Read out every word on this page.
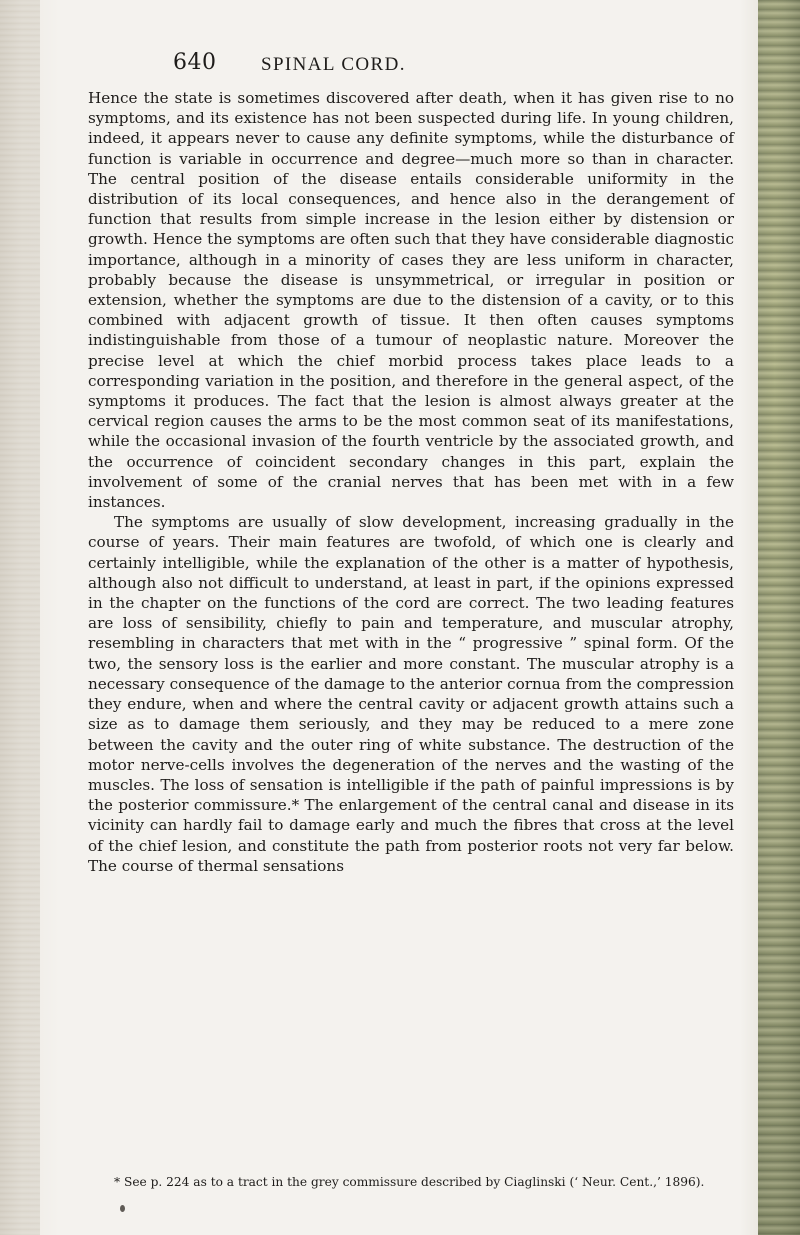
640 SPINAL CORD.

Hence the state is sometimes discovered after death, when it has given rise to no symptoms, and its existence has not been suspected during life. In young children, indeed, it appears never to cause any definite symptoms, while the disturbance of function is variable in occurrence and degree—much more so than in character. The central position of the disease entails considerable uniformity in the distribution of its local consequences, and hence also in the derangement of function that results from simple increase in the lesion either by distension or growth. Hence the symptoms are often such that they have considerable diagnostic importance, although in a minority of cases they are less uniform in character, probably because the disease is unsymmetrical, or irregular in position or extension, whether the symptoms are due to the distension of a cavity, or to this combined with adjacent growth of tissue. It then often causes symptoms indistinguishable from those of a tumour of neoplastic nature. Moreover the precise level at which the chief morbid process takes place leads to a corresponding variation in the position, and therefore in the general aspect, of the symptoms it produces. The fact that the lesion is almost always greater at the cervical region causes the arms to be the most common seat of its manifestations, while the occasional invasion of the fourth ventricle by the associated growth, and the occurrence of coincident secondary changes in this part, explain the involvement of some of the cranial nerves that has been met with in a few instances.

The symptoms are usually of slow development, increasing gradually in the course of years. Their main features are twofold, of which one is clearly and certainly intelligible, while the explanation of the other is a matter of hypothesis, although also not difficult to understand, at least in part, if the opinions expressed in the chapter on the functions of the cord are correct. The two leading features are loss of sensibility, chiefly to pain and temperature, and muscular atrophy, resembling in characters that met with in the “ progressive ” spinal form. Of the two, the sensory loss is the earlier and more constant. The muscular atrophy is a necessary consequence of the damage to the anterior cornua from the compression they endure, when and where the central cavity or adjacent growth attains such a size as to damage them seriously, and they may be reduced to a mere zone between the cavity and the outer ring of white substance. The destruction of the motor nerve-cells involves the degeneration of the nerves and the wasting of the muscles. The loss of sensation is intelligible if the path of painful impressions is by the posterior commissure.* The enlargement of the central canal and disease in its vicinity can hardly fail to damage early and much the fibres that cross at the level of the chief lesion, and constitute the path from posterior roots not very far below. The course of thermal sensations

* See p. 224 as to a tract in the grey commissure described by Ciaglinski (‘ Neur. Cent.,’ 1896).
